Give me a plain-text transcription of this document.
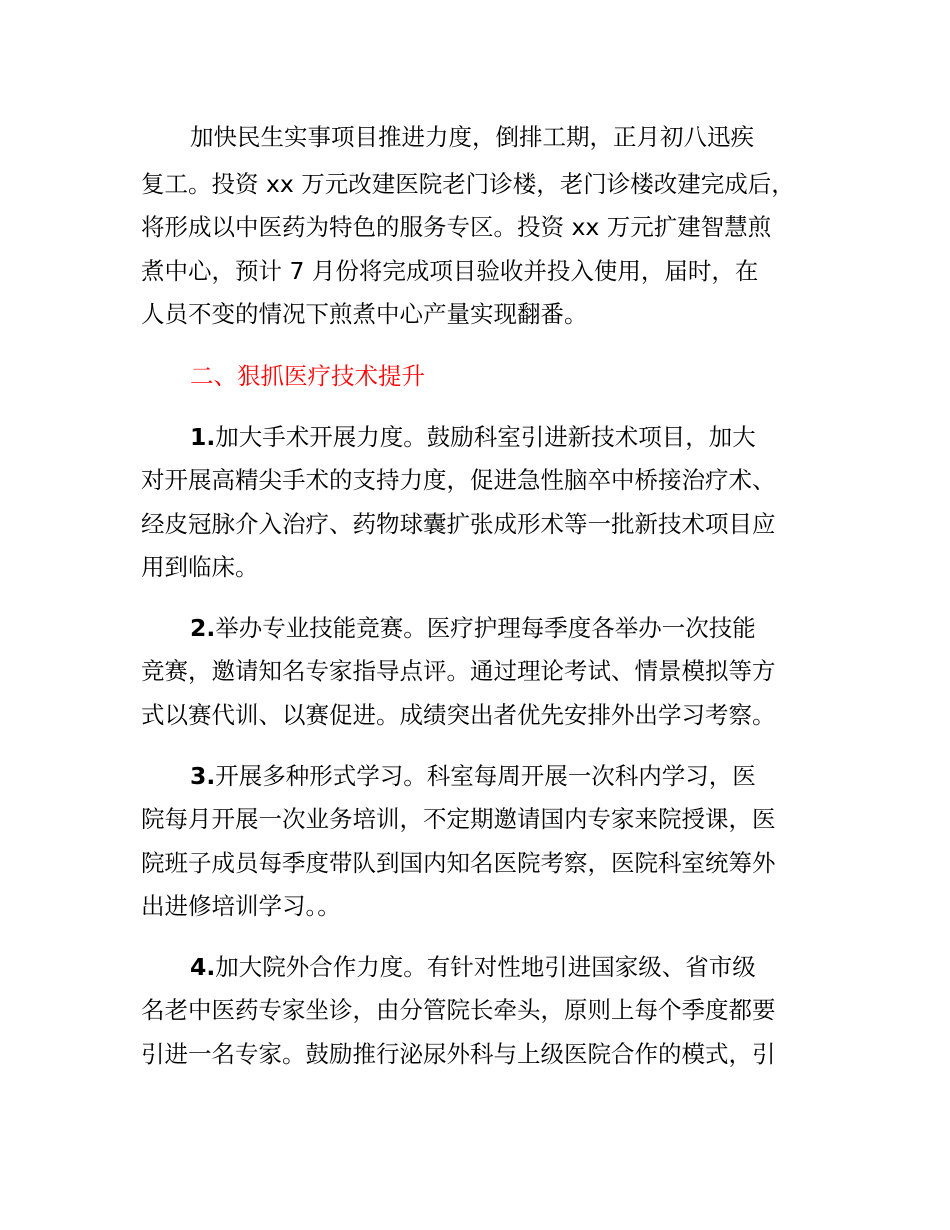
加快民生实事项目推进力度，倒排工期，正月初八迅疾
复工。投资 xx 万元改建医院老门诊楼，老门诊楼改建完成后，
将形成以中医药为特色的服务专区。投资 xx 万元扩建智慧煎
煮中心，预计 7 月份将完成项目验收并投入使用，届时，在
人员不变的情况下煎煮中心产量实现翻番。
二、狠抓医疗技术提升
1.加大手术开展力度。鼓励科室引进新技术项目，加大
对开展高精尖手术的支持力度，促进急性脑卒中桥接治疗术、
经皮冠脉介入治疗、药物球囊扩张成形术等一批新技术项目应
用到临床。
2.举办专业技能竞赛。医疗护理每季度各举办一次技能
竞赛，邀请知名专家指导点评。通过理论考试、情景模拟等方
式以赛代训、以赛促进。成绩突出者优先安排外出学习考察。
3.开展多种形式学习。科室每周开展一次科内学习，医
院每月开展一次业务培训，不定期邀请国内专家来院授课，医
院班子成员每季度带队到国内知名医院考察，医院科室统筹外
出进修培训学习。。
4.加大院外合作力度。有针对性地引进国家级、省市级
名老中医药专家坐诊，由分管院长牵头，原则上每个季度都要
引进一名专家。鼓励推行泌尿外科与上级医院合作的模式，引
